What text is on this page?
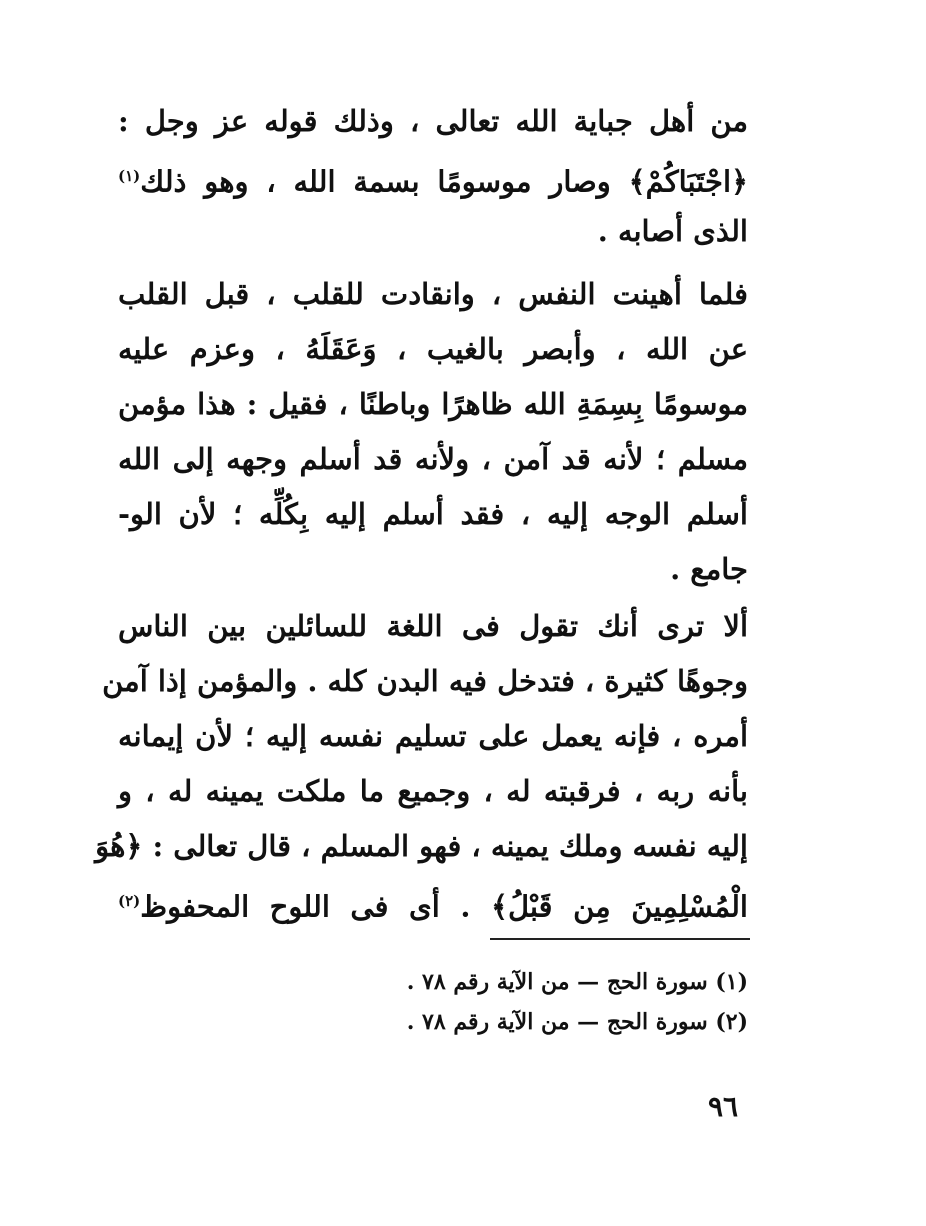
من أهل جباية الله تعالى ، وذلك قوله عز وجل :
﴿اجْتَبَاكُمْ﴾ وصار موسومًا بسمة الله ، وهو ذلك$^{(١)}$
الذى أصابه .
فلما أهينت النفس ، وانقادت للقلب ، قبل القلب
عن الله ، وأبصر بالغيب ، وَعَقَلَهُ ، وعزم عليه
موسومًا بِسِمَةِ الله ظاهرًا وباطنًا ، فقيل : هذا مؤمن
مسلم ؛ لأنه قد آمن ، ولأنه قد أسلم وجهه إلى الله
أسلم الوجه إليه ، فقد أسلم إليه بِكُلِّه ؛ لأن الو-
جامع .
ألا ترى أنك تقول فى اللغة للسائلين بين الناس
وجوهًا كثيرة ، فتدخل فيه البدن كله . والمؤمن إذا آمن
أمره ، فإنه يعمل على تسليم نفسه إليه ؛ لأن إيمانه
بأنه ربه ، فرقبته له ، وجميع ما ملكت يمينه له ، و
إليه نفسه وملك يمينه ، فهو المسلم ، قال تعالى : ﴿هُوَ
الْمُسْلِمِينَ مِن قَبْلُ﴾ . أى فى اللوح المحفوظ$^{(٢)}$
(١) سورة الحج — من الآية رقم ٧٨ .
(٢) سورة الحج — من الآية رقم ٧٨ .
٩٦
